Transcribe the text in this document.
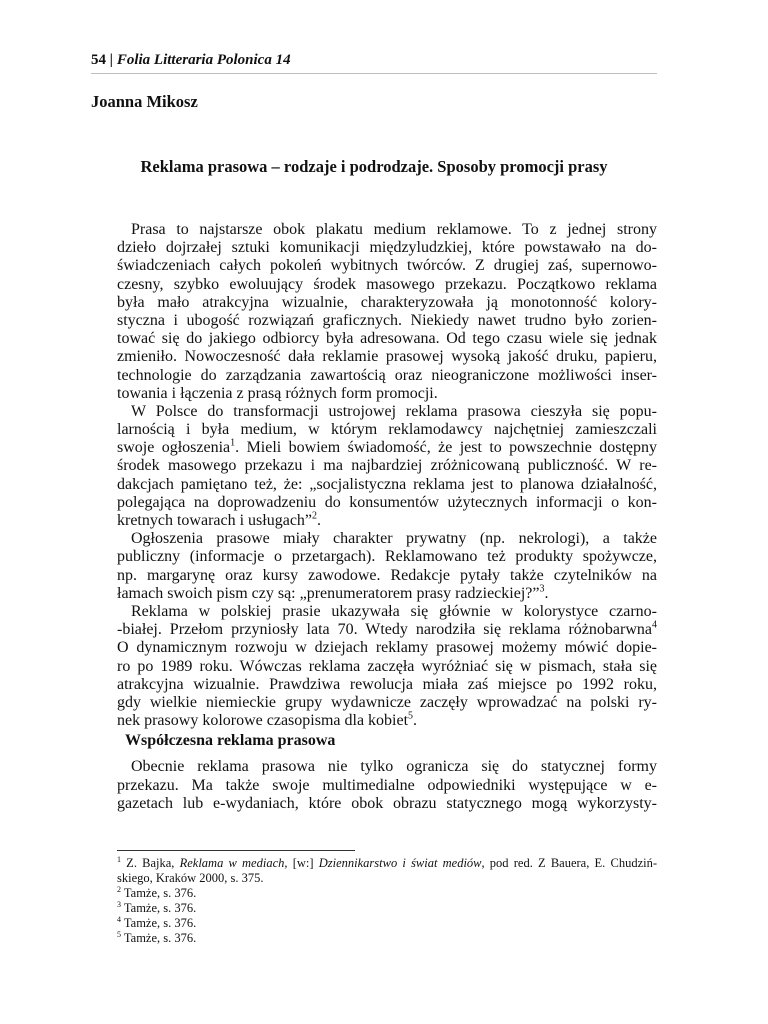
54 | Folia Litteraria Polonica 14
Joanna Mikosz
Reklama prasowa – rodzaje i podrodzaje. Sposoby promocji prasy
Prasa to najstarsze obok plakatu medium reklamowe. To z jednej strony
dzieło dojrzałej sztuki komunikacji międzyludzkiej, które powstawało na do-
świadczeniach całych pokoleń wybitnych twórców. Z drugiej zaś, supernowo-
czesny, szybko ewoluujący środek masowego przekazu. Początkowo reklama
była mało atrakcyjna wizualnie, charakteryzowała ją monotonność kolory-
styczna i ubogość rozwiązań graficznych. Niekiedy nawet trudno było zorien-
tować się do jakiego odbiorcy była adresowana. Od tego czasu wiele się jednak
zmieniło. Nowoczesność dała reklamie prasowej wysoką jakość druku, papieru,
technologie do zarządzania zawartością oraz nieograniczone możliwości inser-
towania i łączenia z prasą różnych form promocji.
W Polsce do transformacji ustrojowej reklama prasowa cieszyła się popu-
larnością i była medium, w którym reklamodawcy najchętniej zamieszczali
swoje ogłoszenia$^1$. Mieli bowiem świadomość, że jest to powszechnie dostępny
środek masowego przekazu i ma najbardziej zróżnicowaną publiczność. W re-
dakcjach pamiętano też, że: „socjalistyczna reklama jest to planowa działalność,
polegająca na doprowadzeniu do konsumentów użytecznych informacji o kon-
kretnych towarach i usługach”$^2$.
Ogłoszenia prasowe miały charakter prywatny (np. nekrologi), a także
publiczny (informacje o przetargach). Reklamowano też produkty spożywcze,
np. margarynę oraz kursy zawodowe. Redakcje pytały także czytelników na
łamach swoich pism czy są: „prenumeratorem prasy radzieckiej?”$^3$.
Reklama w polskiej prasie ukazywała się głównie w kolorystyce czarno-
-białej. Przełom przyniosły lata 70. Wtedy narodziła się reklama różnobarwna$^4$
O dynamicznym rozwoju w dziejach reklamy prasowej możemy mówić dopie-
ro po 1989 roku. Wówczas reklama zaczęła wyróżniać się w pismach, stała się
atrakcyjna wizualnie. Prawdziwa rewolucja miała zaś miejsce po 1992 roku,
gdy wielkie niemieckie grupy wydawnicze zaczęły wprowadzać na polski ry-
nek prasowy kolorowe czasopisma dla kobiet$^5$.
Współczesna reklama prasowa
Obecnie reklama prasowa nie tylko ogranicza się do statycznej formy
przekazu. Ma także swoje multimedialne odpowiedniki występujące w e-
gazetach lub e-wydaniach, które obok obrazu statycznego mogą wykorzysty-
$^1$ Z. Bajka, Reklama w mediach, [w:] Dziennikarstwo i świat mediów, pod red. Z Bauera, E. Chudziń-
skiego, Kraków 2000, s. 375.
$^2$ Tamże, s. 376.
$^3$ Tamże, s. 376.
$^4$ Tamże, s. 376.
$^5$ Tamże, s. 376.
